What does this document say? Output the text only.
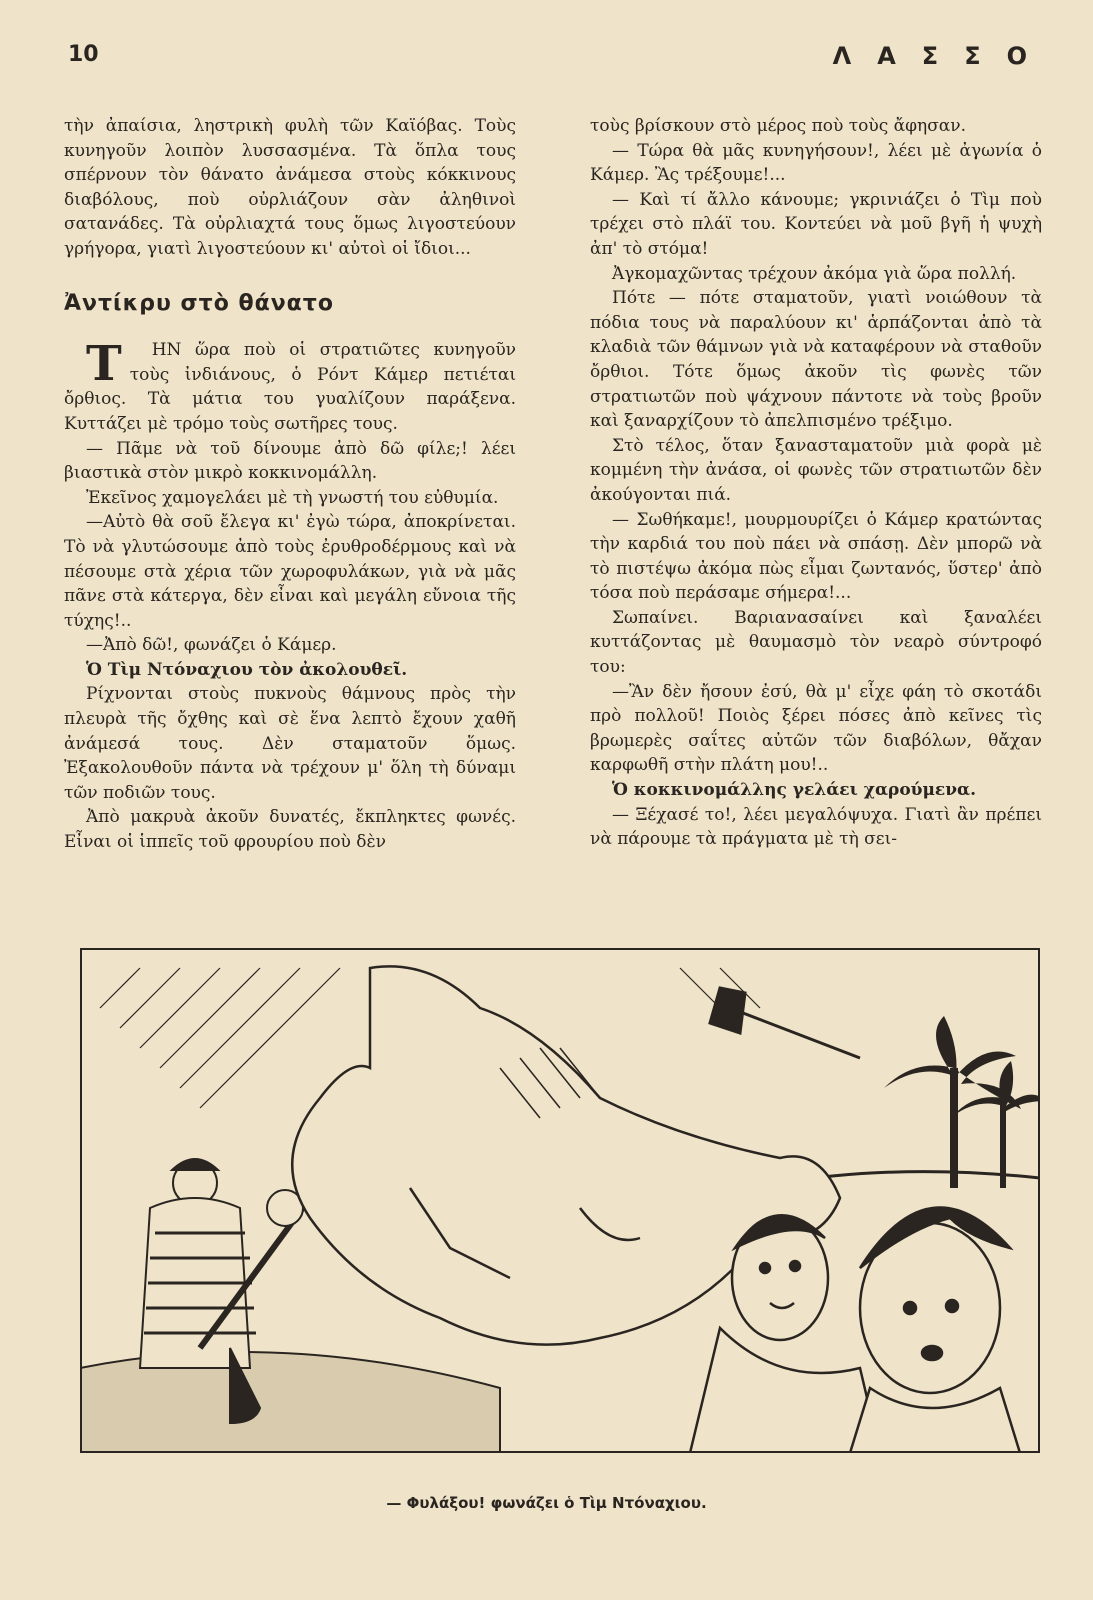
10	ΛΑΣΣΟ

τὴν ἀπαίσια, ληστρικὴ φυλὴ τῶν Καϊόβας. Τοὺς κυνηγοῦν λοιπὸν λυσσασμένα. Τὰ ὅπλα τους σπέρνουν τὸν θάνατο ἀνάμεσα στοὺς κόκκινους διαβόλους, ποὺ οὐρλιάζουν σὰν ἀληθινοὶ σατανάδες. Τὰ οὐρλιαχτά τους ὅμως λιγοστεύουν γρήγορα, γιατὶ λιγοστεύουν κι' αὐτοὶ οἱ ἴδιοι...

Ἀντίκρυ στὸ θάνατο

Τ ΗΝ ὥρα ποὺ οἱ στρατιῶτες κυνηγοῦν τοὺς ἰνδιάνους, ὁ Ρόντ Κάμερ πετιέται ὄρθιος. Τὰ μάτια του γυαλίζουν παράξενα. Κυττάζει μὲ τρόμο τοὺς σωτῆρες τους.

— Πᾶμε νὰ τοῦ δίνουμε ἀπὸ δῶ φίλε;! λέει βιαστικὰ στὸν μικρὸ κοκκινομάλλη.

Ἐκεῖνος χαμογελάει μὲ τὴ γνωστή του εὐθυμία.

—Αὐτὸ θὰ σοῦ ἔλεγα κι' ἐγὼ τώρα, ἀποκρίνεται. Τὸ νὰ γλυτώσουμε ἀπὸ τοὺς ἐρυθροδέρμους καὶ νὰ πέσουμε στὰ χέρια τῶν χωροφυλάκων, γιὰ νὰ μᾶς πᾶνε στὰ κάτεργα, δὲν εἶναι καὶ μεγάλη εὔνοια τῆς τύχης!..

—Ἀπὸ δῶ!, φωνάζει ὁ Κάμερ.

Ὁ Τὶμ Ντόναχιου τὸν ἀκολουθεῖ.

Ρίχνονται στοὺς πυκνοὺς θάμνους πρὸς τὴν πλευρὰ τῆς ὄχθης καὶ σὲ ἕνα λεπτὸ ἔχουν χαθῆ ἀνάμεσά τους. Δὲν σταματοῦν ὅμως. Ἐξακολουθοῦν πάντα νὰ τρέχουν μ' ὅλη τὴ δύναμι τῶν ποδιῶν τους.

Ἀπὸ μακρυὰ ἀκοῦν δυνατές, ἔκπληκτες φωνές. Εἶναι οἱ ἱππεῖς τοῦ φρουρίου ποὺ δὲν

τοὺς βρίσκουν στὸ μέρος ποὺ τοὺς ἄφησαν.

— Τώρα θὰ μᾶς κυνηγήσουν!, λέει μὲ ἀγωνία ὁ Κάμερ. Ἂς τρέξουμε!...

— Καὶ τί ἄλλο κάνουμε; γκρινιάζει ὁ Τὶμ ποὺ τρέχει στὸ πλάϊ του. Κοντεύει νὰ μοῦ βγῆ ἡ ψυχὴ ἀπ' τὸ στόμα!

Ἀγκομαχῶντας τρέχουν ἀκόμα γιὰ ὥρα πολλή.

Πότε — πότε σταματοῦν, γιατὶ νοιώθουν τὰ πόδια τους νὰ παραλύουν κι' ἁρπάζονται ἀπὸ τὰ κλαδιὰ τῶν θάμνων γιὰ νὰ καταφέρουν νὰ σταθοῦν ὄρθιοι. Τότε ὅμως ἀκοῦν τὶς φωνὲς τῶν στρατιωτῶν ποὺ ψάχνουν πάντοτε νὰ τοὺς βροῦν καὶ ξαναρχίζουν τὸ ἀπελπισμένο τρέξιμο.

Στὸ τέλος, ὅταν ξανασταματοῦν μιὰ φορὰ μὲ κομμένη τὴν ἀνάσα, οἱ φωνὲς τῶν στρατιωτῶν δὲν ἀκούγονται πιά.

— Σωθήκαμε!, μουρμουρίζει ὁ Κάμερ κρατώντας τὴν καρδιά του ποὺ πάει νὰ σπάσῃ. Δὲν μπορῶ νὰ τὸ πιστέψω ἀκόμα πὼς εἶμαι ζωντανός, ὕστερ' ἀπὸ τόσα ποὺ περάσαμε σήμερα!...

Σωπαίνει. Βαριανασαίνει καὶ ξαναλέει κυττάζοντας μὲ θαυμασμὸ τὸν νεαρὸ σύντροφό του:

—Ἂν δὲν ἤσουν ἐσύ, θὰ μ' εἶχε φάη τὸ σκοτάδι πρὸ πολλοῦ! Ποιὸς ξέρει πόσες ἀπὸ κεῖνες τὶς βρωμερὲς σαΐτες αὐτῶν τῶν διαβόλων, θἄχαν καρφωθῆ στὴν πλάτη μου!..

Ὁ κοκκινομάλλης γελάει χαρούμενα.

— Ξέχασέ το!, λέει μεγαλόψυχα. Γιατὶ ἂν πρέπει νὰ πάρουμε τὰ πράγματα μὲ τὴ σει-

— Φυλάξου! φωνάζει ὁ Τὶμ Ντόναχιου.
